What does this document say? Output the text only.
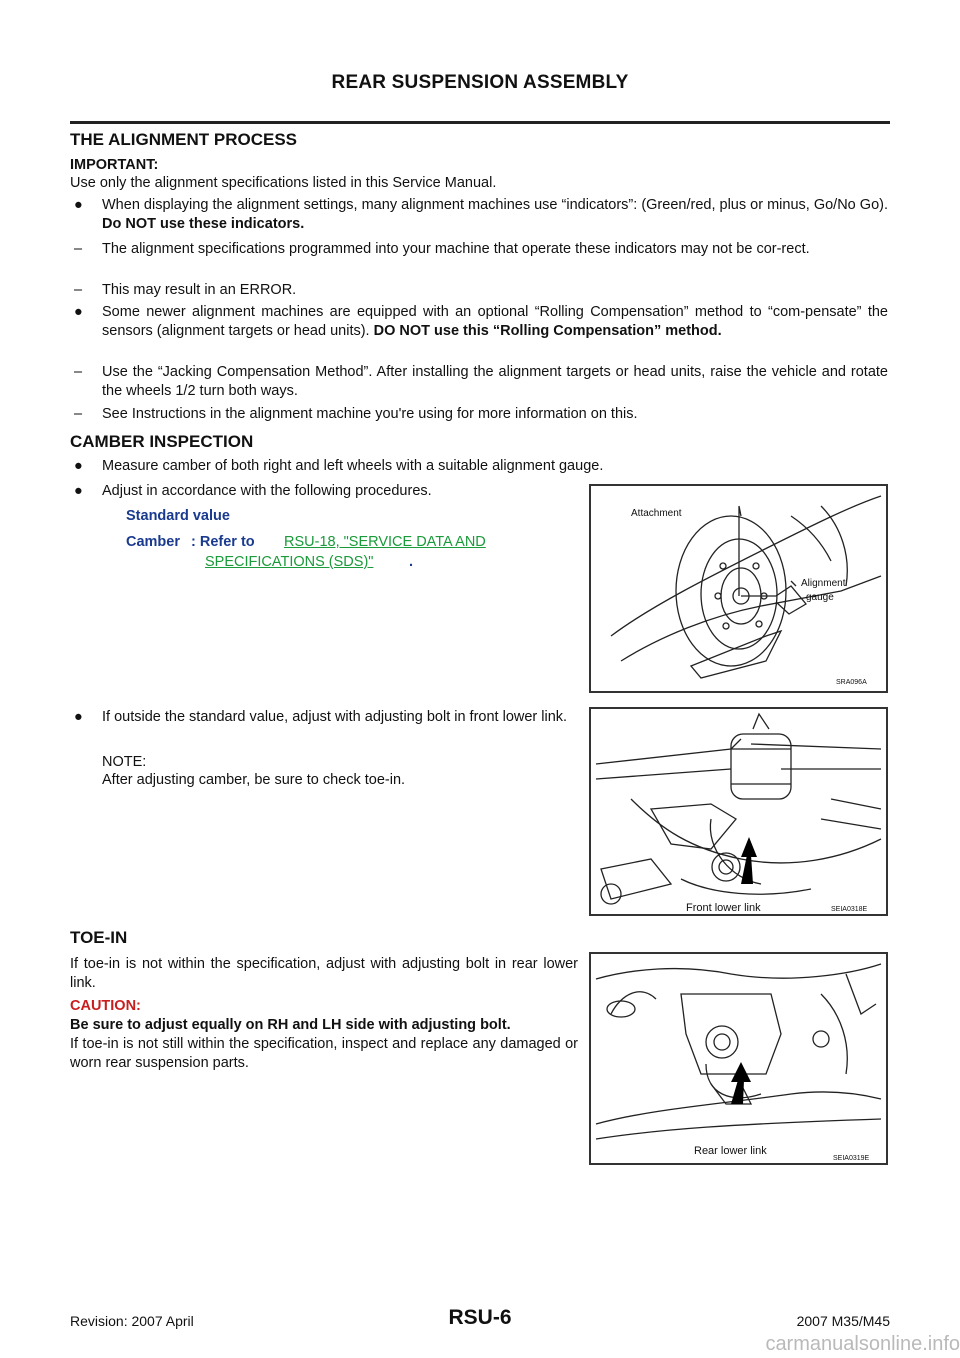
REAR SUSPENSION ASSEMBLY
THE ALIGNMENT PROCESS
IMPORTANT:
Use only the alignment specifications listed in this Service Manual.
● When displaying the alignment settings, many alignment machines use “indicators”: (Green/red, plus or minus, Go/No Go). Do NOT use these indicators.
– The alignment specifications programmed into your machine that operate these indicators may not be cor-rect.
– This may result in an ERROR.
● Some newer alignment machines are equipped with an optional “Rolling Compensation” method to “com-pensate” the sensors (alignment targets or head units). DO NOT use this “Rolling Compensation” method.
– Use the “Jacking Compensation Method”. After installing the alignment targets or head units, raise the vehicle and rotate the wheels 1/2 turn both ways.
– See Instructions in the alignment machine you're using for more information on this.
CAMBER INSPECTION
● Measure camber of both right and left wheels with a suitable alignment gauge.
● Adjust in accordance with the following procedures.
Standard value
Camber : Refer to RSU-18, "SERVICE DATA AND
SPECIFICATIONS (SDS)" .
Attachment
Alignment
gauge
SRA096A
● If outside the standard value, adjust with adjusting bolt in front lower link.
NOTE:
After adjusting camber, be sure to check toe-in.
Front lower link	SEIA0318E
TOE-IN
If toe-in is not within the specification, adjust with adjusting bolt in rear lower link.
CAUTION:
Be sure to adjust equally on RH and LH side with adjusting bolt.
If toe-in is not still within the specification, inspect and replace any damaged or worn rear suspension parts.
Rear lower link
SEIA0319E
Revision: 2007 April	RSU-6	2007 M35/M45
carmanualsonline.info
